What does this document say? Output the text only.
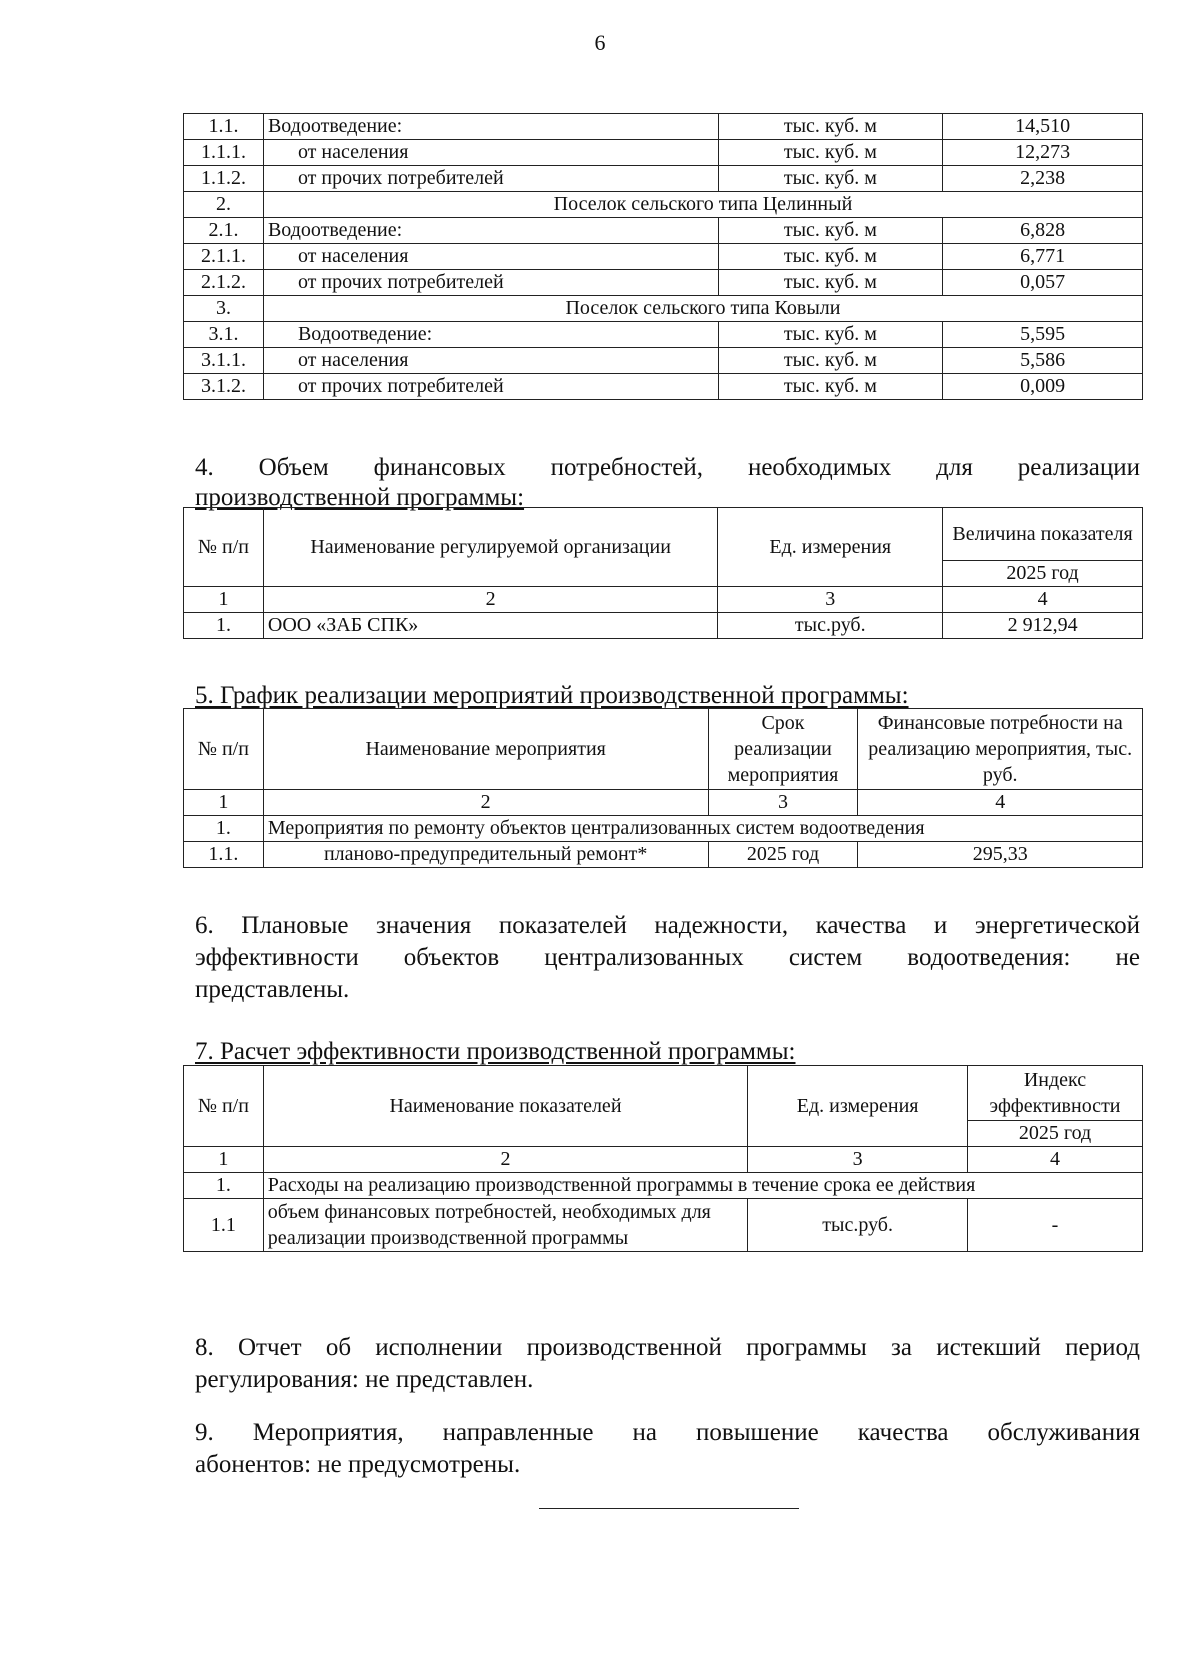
6
1.1.	Водоотведение:	тыс. куб. м	14,510
1.1.1.	от населения	тыс. куб. м	12,273
1.1.2.	от прочих потребителей	тыс. куб. м	2,238
2.	Поселок сельского типа Целинный		
2.1.	Водоотведение:	тыс. куб. м	6,828
2.1.1.	от населения	тыс. куб. м	6,771
2.1.2.	от прочих потребителей	тыс. куб. м	0,057
3.	Поселок сельского типа Ковыли		
3.1.	Водоотведение:	тыс. куб. м	5,595
3.1.1.	от населения	тыс. куб. м	5,586
3.1.2.	от прочих потребителей	тыс. куб. м	0,009
4. Объем финансовых потребностей, необходимых для реализации
производственной программы:
№ п/п	Наименование регулируемой организации	Ед. измерения	Величина показателя
			2025 год
1	2	3	4
1.	ООО «ЗАБ СПК»	тыс.руб.	2 912,94
5. График реализации мероприятий производственной программы:
№ п/п	Наименование мероприятия	Срок реализации мероприятия	Финансовые потребности на реализацию мероприятия, тыс. руб.
1	2	3	4
1.	Мероприятия по ремонту объектов централизованных систем водоотведения		
1.1.	планово-предупредительный ремонт*	2025 год	295,33
6. Плановые значения показателей надежности, качества и энергетической
эффективности объектов централизованных систем водоотведения: не
представлены.
7. Расчет эффективности производственной программы:
№ п/п	Наименование показателей	Ед. измерения	Индекс эффективности
			2025 год
1	2	3	4
1.	Расходы на реализацию производственной программы в течение срока ее действия		
1.1	объем финансовых потребностей, необходимых для реализации производственной программы	тыс.руб.	-
8. Отчет об исполнении производственной программы за истекший период
регулирования: не представлен.
9. Мероприятия, направленные на повышение качества обслуживания
абонентов: не предусмотрены.
